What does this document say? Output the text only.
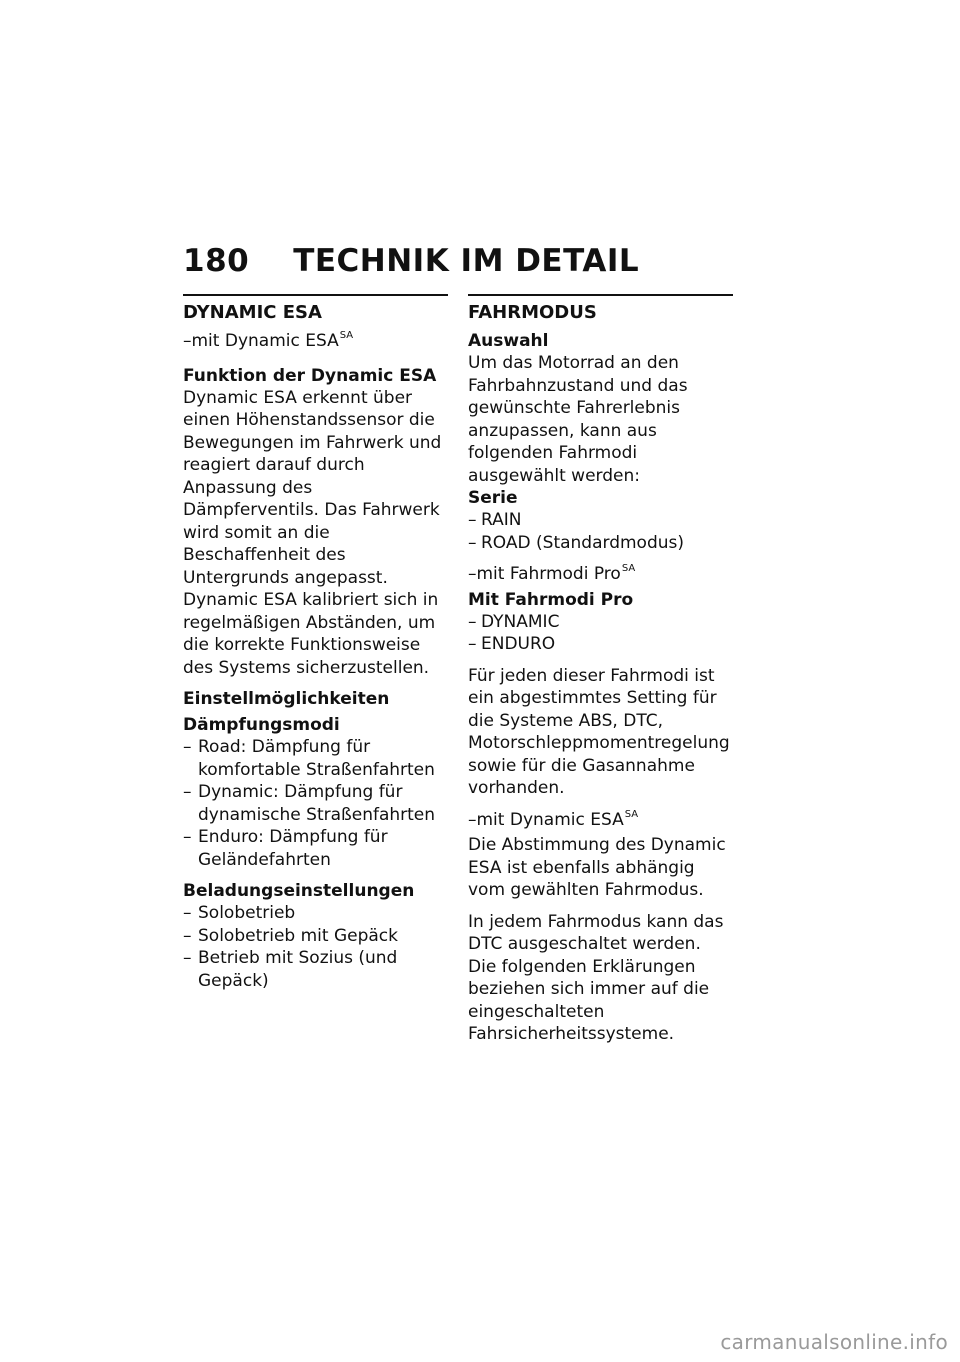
180 TECHNIK IM DETAIL
DYNAMIC ESA

–mit Dynamic $ESA^{SA}$

Funktion der Dynamic ESA

Dynamic ESA erkennt über einen Höhenstandssensor die Bewegungen im Fahrwerk und reagiert darauf durch Anpassung des Dämpferventils. Das Fahrwerk wird somit an die Beschaffenheit des Untergrunds angepasst.

Dynamic ESA kalibriert sich in regelmäßigen Abständen, um die korrekte Funktionsweise des Systems sicherzustellen.

Einstellmöglichkeiten
Dämpfungsmodi
– Road: Dämpfung für komfortable Straßenfahrten
– Dynamic: Dämpfung für dynamische Straßenfahrten
– Enduro: Dämpfung für Geländefahrten
Beladungseinstellungen
– Solobetrieb
– Solobetrieb mit Gepäck
– Betrieb mit Sozius (und Gepäck)
FAHRMODUS
Auswahl

Um das Motorrad an den Fahrbahnzustand und das gewünschte Fahrerlebnis anzupassen, kann aus folgenden Fahrmodi ausgewählt werden:

Serie
– RAIN
– ROAD (Standardmodus)

–mit Fahrmodi Pro$^{SA}$

Mit Fahrmodi Pro
– DYNAMIC
– ENDURO

Für jeden dieser Fahrmodi ist ein abgestimmtes Setting für die Systeme ABS, DTC, Motorschleppmomentregelung sowie für die Gasannahme vorhanden.

–mit Dynamic $ESA^{SA}$

Die Abstimmung des Dynamic ESA ist ebenfalls abhängig vom gewählten Fahrmodus.

In jedem Fahrmodus kann das DTC ausgeschaltet werden. Die folgenden Erklärungen beziehen sich immer auf die eingeschalteten Fahrsicherheitssysteme.

carmanualsonline.info
